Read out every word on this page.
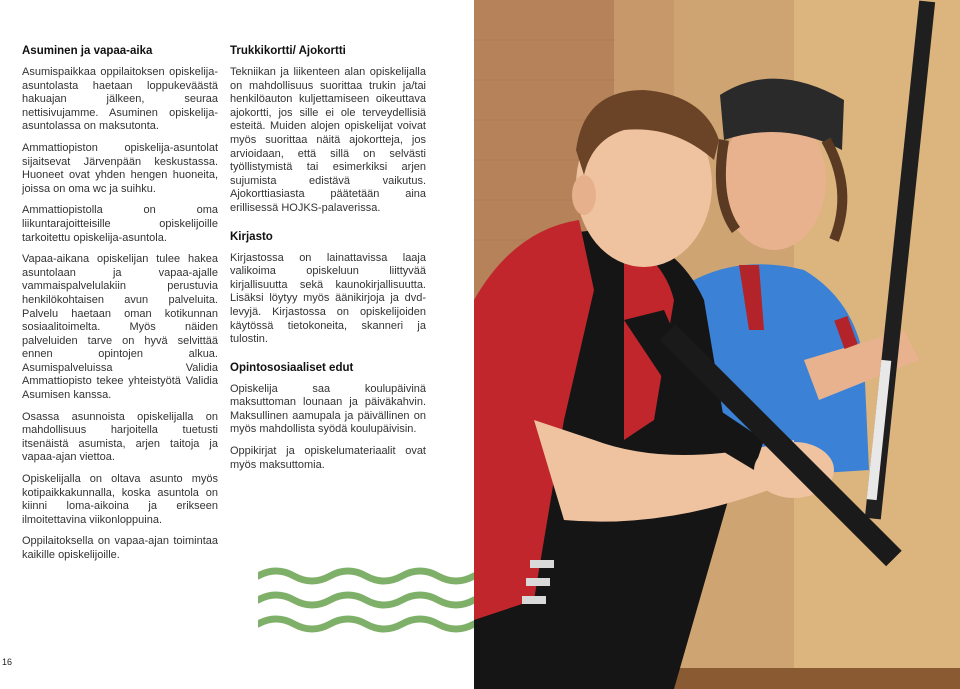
Asuminen ja vapaa-aika

Asumispaikkaa oppilaitoksen opiskelija-asuntolasta haetaan loppukeväästä hakuajan jälkeen, seuraa nettisivujamme. Asuminen opiskelija-asuntolassa on maksutonta.

Ammattiopiston opiskelija-asuntolat sijaitsevat Järvenpään keskustassa. Huoneet ovat yhden hengen huoneita, joissa on oma wc ja suihku.

Ammattiopistolla on oma liikuntarajoitteisille opiskelijoille tarkoitettu opiskelija-asuntola.

Vapaa-aikana opiskelijan tulee hakea asuntolaan ja vapaa-ajalle vammaispalvelulakiin perustuvia henkilökohtaisen avun palveluita. Palvelu haetaan oman kotikunnan sosiaalitoimelta. Myös näiden palveluiden tarve on hyvä selvittää ennen opintojen alkua. Asumispalveluissa Validia Ammattiopisto tekee yhteistyötä Validia Asumisen kanssa.

Osassa asunnoista opiskelijalla on mahdollisuus harjoitella tuetusti itsenäistä asumista, arjen taitoja ja vapaa-ajan viettoa.

Opiskelijalla on oltava asunto myös kotipaikkakunnalla, koska asuntola on kiinni loma-aikoina ja erikseen ilmoitettavina viikonloppuina.

Oppilaitoksella on vapaa-ajan toimintaa kaikille opiskelijoille.

Trukkikortti/ Ajokortti

Tekniikan ja liikenteen alan opiskelijalla on mahdollisuus suorittaa trukin ja/tai henkilöauton kuljettamiseen oikeuttava ajokortti, jos sille ei ole terveydellisiä esteitä. Muiden alojen opiskelijat voivat myös suorittaa näitä ajokortteja, jos arvioidaan, että sillä on selvästi työllistymistä tai esimerkiksi arjen sujumista edistävä vaikutus. Ajokorttiasiasta päätetään aina erillisessä HOJKS-palaverissa.

Kirjasto

Kirjastossa on lainattavissa laaja valikoima opiskeluun liittyvää kirjallisuutta sekä kaunokirjallisuutta. Lisäksi löytyy myös äänikirjoja ja dvd-levyjä. Kirjastossa on opiskelijoiden käytössä tietokoneita, skanneri ja tulostin.

Opintososiaaliset edut

Opiskelija saa koulupäivinä maksuttoman lounaan ja päiväkahvin. Maksullinen aamupala ja päivällinen on myös mahdollista syödä koulupäivisin.

Oppikirjat ja opiskelumateriaalit ovat myös maksuttomia.

16
